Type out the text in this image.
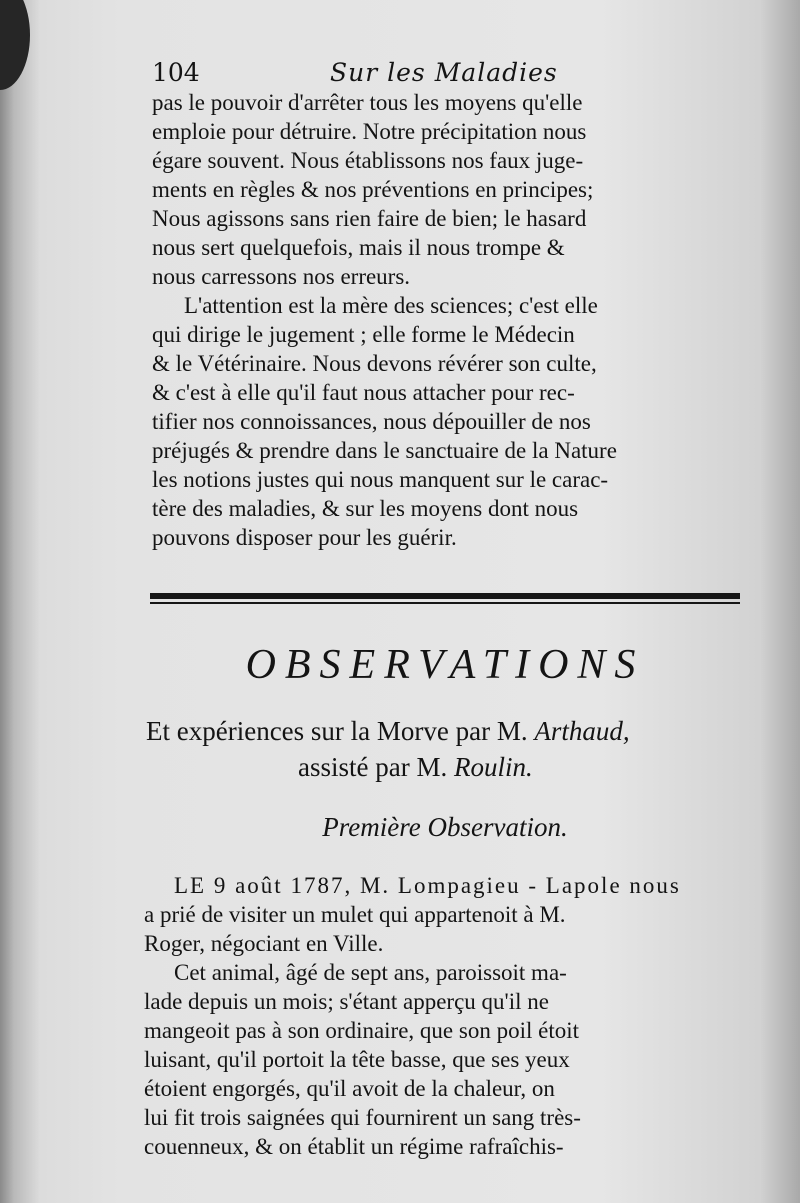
104	Sur les Maladies
pas le pouvoir d'arrêter tous les moyens qu'elle
emploie pour détruire. Notre précipitation nous
égare souvent. Nous établissons nos faux juge-
ments en règles & nos préventions en principes;
Nous agissons sans rien faire de bien; le hasard
nous sert quelquefois, mais il nous trompe &
nous carressons nos erreurs.
L'attention est la mère des sciences; c'est elle
qui dirige le jugement ; elle forme le Médecin
& le Vétérinaire. Nous devons révérer son culte,
& c'est à elle qu'il faut nous attacher pour rec-
tifier nos connoissances, nous dépouiller de nos
préjugés & prendre dans le sanctuaire de la Nature
les notions justes qui nous manquent sur le carac-
tère des maladies, & sur les moyens dont nous
pouvons disposer pour les guérir.
OBSERVATIONS
Et expériences sur la Morve par M. Arthaud,
assisté par M. Roulin.
Première Observation.
LE 9 août 1787, M. Lompagieu - Lapole nous
a prié de visiter un mulet qui appartenoit à M.
Roger, négociant en Ville.
Cet animal, âgé de sept ans, paroissoit ma-
lade depuis un mois; s'étant apperçu qu'il ne
mangeoit pas à son ordinaire, que son poil étoit
luisant, qu'il portoit la tête basse, que ses yeux
étoient engorgés, qu'il avoit de la chaleur, on
lui fit trois saignées qui fournirent un sang très-
couenneux, & on établit un régime rafraîchis-
